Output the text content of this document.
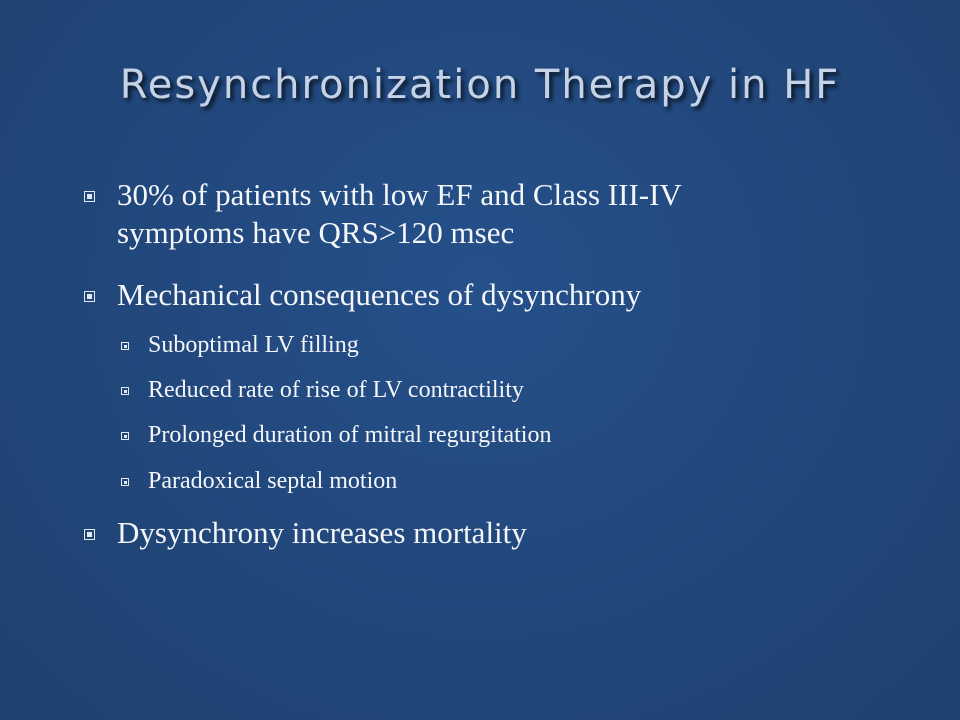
Resynchronization Therapy in HF
30% of patients with low EF and Class III-IV
symptoms have QRS>120 msec
Mechanical consequences of dysynchrony
Suboptimal LV filling
Reduced rate of rise of LV contractility
Prolonged duration of mitral regurgitation
Paradoxical septal motion
Dysynchrony increases mortality
